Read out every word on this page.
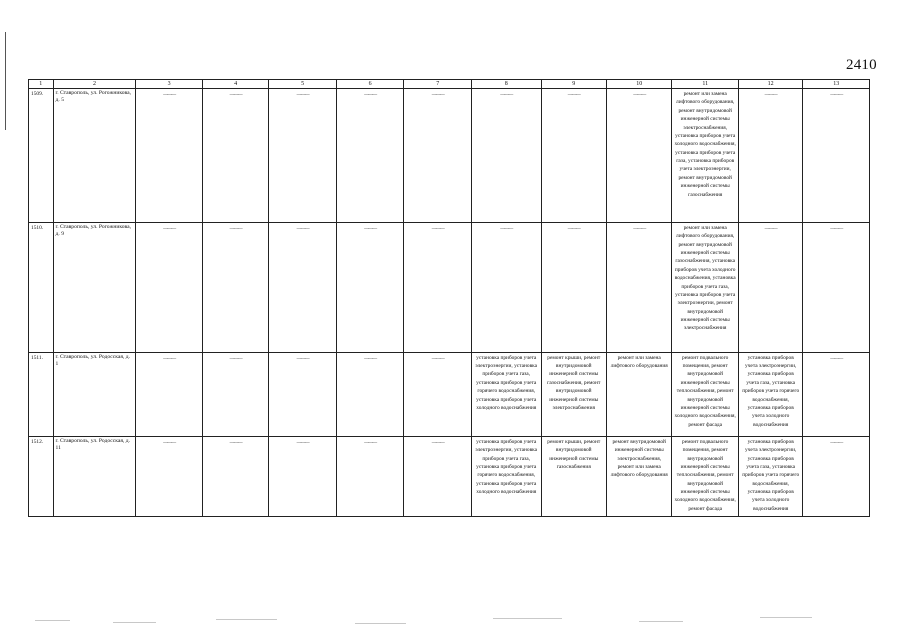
2410
1	2	3	4	5	6	7	8	9	10	11	12	13
1509.	г. Ставрополь, ул. Рогожникова, д. 5	———	———	———	———	———	———	———	———	ремонт или замена лифтового оборудования, ремонт внутридомовой инженерной системы электроснабжения, установка приборов учета холодного водоснабжения, установка приборов учета газа, установка приборов учета электроэнергии, ремонт внутридомовой инженерной системы газоснабжения	———	———
1510.	г. Ставрополь, ул. Рогожникова, д. 9	———	———	———	———	———	———	———	———	ремонт или замена лифтового оборудования, ремонт внутридомовой инженерной системы газоснабжения, установка приборов учета холодного водоснабжения, установка приборов учета газа, установка приборов учета электроэнергии, ремонт внутридомовой инженерной системы электроснабжения	———	———
1511.	г. Ставрополь, ул. Родосская, д. 1	———	———	———	———	———	установка приборов учета электроэнергии, установка приборов учета газа, установка приборов учета горячего водоснабжения, установка приборов учета холодного водоснабжения	ремонт крыши, ремонт внутридомовой инженерной системы газоснабжения, ремонт внутридомовой инженерной системы электроснабжения	ремонт или замена лифтового оборудования	ремонт подвального помещения, ремонт внутридомовой инженерной системы теплоснабжения, ремонт внутридомовой инженерной системы холодного водоснабжения, ремонт фасада	установка приборов учета электроэнергии, установка приборов учета газа, установка приборов учета горячего водоснабжения, установка приборов учета холодного водоснабжения	———
1512.	г. Ставрополь, ул. Родосская, д. 11	———	———	———	———	———	установка приборов учета электроэнергии, установка приборов учета газа, установка приборов учета горячего водоснабжения, установка приборов учета холодного водоснабжения	ремонт крыши, ремонт внутридомовой инженерной системы газоснабжения	ремонт внутридомовой инженерной системы электроснабжения, ремонт или замена лифтового оборудования	ремонт подвального помещения, ремонт внутридомовой инженерной системы теплоснабжения, ремонт внутридомовой инженерной системы холодного водоснабжения, ремонт фасада	установка приборов учета электроэнергии, установка приборов учета газа, установка приборов учета горячего водоснабжения, установка приборов учета холодного водоснабжения	———
